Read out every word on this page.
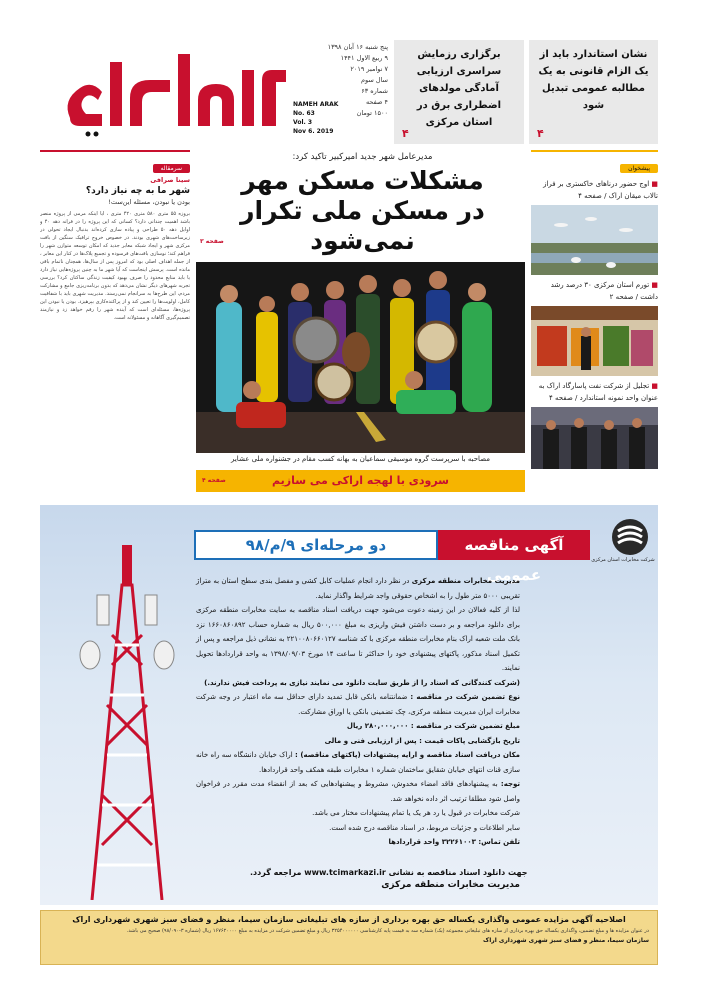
پنج شنبه ۱۶ آبان ۱۳۹۸
۹ ربیع الاول ۱۴۴۱
۷ نوامبر ۲۰۱۹
سال سوم
شماره ۶۳
۴ صفحه
۱۵۰۰ تومان
NAMEH ARAK
No. 63
Vol. 3
Nov 6. 2019
برگزاری رزمایش سراسری ارزیابی آمادگی مولدهای اضطراری برق در استان مرکزی
۴
نشان استاندارد باید از یک الزام قانونی به یک مطالبه عمومی تبدیل شود
۴
سرمقاله
سینا صرافی
شهر ما به چه نیاز دارد؟
بودن یا نبودن، مسئله این‌ست!
بروزه ۵۵ متری ۵۸۰ متری ۴۲۰ متری ، ایا اینکه مرمی از پروژه منصر باشد اهمیت چندانی دارد؟ کسانی که این پروژه را در فرانه دهه ۴۰ و اوایل دهه ۵۰ طراحی و پیاده سازی کرده‌اند بدنبال ایجاد تحولی در زیرساخت‌های شهری بودند. در خصوص خروج ترافیک سنگین از بافت مرکزی شهر و ایجاد شبکه معابر جدید که امکان توسعه متوازن شهر را فراهم کند؛ نوسازی بافت‌های فرسوده و تجمیع پلاک‌ها در کنار این معابر ، از جمله اهداف اصلی بود که امروز پس از سال‌ها، همچنان ناتمام باقی مانده است. پرسش اینجاست که آیا شهر ما به چنین پروژه‌هایی نیاز دارد یا باید منابع محدود را صرف بهبود کیفیت زندگی ساکنان کرد؟ بررسی تجربه شهرهای دیگر نشان می‌دهد که بدون برنامه‌ریزی جامع و مشارکت مردم، این طرح‌ها به سرانجام نمی‌رسند. مدیریت شهری باید با شفافیت کامل، اولویت‌ها را تعیین کند و از پراکنده‌کاری بپرهیزد. بودن یا نبودن این پروژه‌ها، مسئله‌ای است که آینده شهر را رقم خواهد زد و نیازمند تصمیم‌گیری آگاهانه و مسئولانه است.
مدیرعامل شهر جدید امیرکبیر تاکید کرد:
مشکلات مسکن مهر
در مسکن ملی تکرار نمی‌شود
صفحه ۳
مصاحبه با سرپرست گروه موسیقی سماعیان به بهانه کسب مقام در جشنواره ملی عشایر
سرودی با لهجه اراکی می سازیم
صفحه ۴
پیشخوان
■ اوج حضور درناهای خاکستری بر فراز تالاب میقان اراک / صفحه ۴
■ تورم استان مرکزی ۳۰ درصد رشد داشت / صفحه ۲
■ تجلیل از شرکت نفت پاسارگاد اراک به عنوان واحد نمونه استاندارد / صفحه ۴
شرکت مخابرات استان مرکزی
آگهی مناقصه عمومی
دو مرحله‌ای ۹/م/۹۸

مدیریت مخابرات منطقه مرکزی در نظر دارد انجام عملیات کابل کشی و مفصل بندی سطح استان به متراژ تقریبی ۵۰۰۰ متر طول را به اشخاص حقوقی واجد شرایط واگذار نماید.

لذا از کلیه فعالان در این زمینه دعوت می‌شود جهت دریافت اسناد مناقصه به سایت مخابرات منطقه مرکزی برای دانلود مراجعه و بر دست داشتن فیش واریزی به مبلغ ۵۰۰,۰۰۰ ریال به شماره حساب ۱۶۶۰۸۶۰۸۹۲ نزد بانک ملت شعبه اراک بنام مخابرات منطقه مرکزی با کد شناسه ۲۲۱۰۰۸۰۶۶۰۱۲۷ به نشانی ذیل مراجعه و پس از تکمیل اسناد مذکور، پاکتهای پیشنهادی خود را حداکثر تا ساعت ۱۴ مورخ ۱۳۹۸/۰۹/۰۳ به واحد قراردادها تحویل نمایند.

(شرکت کنندگانی که اسناد را از طریق سایت دانلود می نمایند نیازی به پرداخت فیش ندارند.)

نوع تضمین شرکت در مناقصه : ضمانتنامه بانکی قابل تمدید دارای حداقل سه ماه اعتبار در وجه شرکت مخابرات ایران مدیریت منطقه مرکزی، چک تضمینی بانکی یا اوراق مشارکت.

مبلغ تضمین شرکت در مناقصه : ۲۸۰,۰۰۰,۰۰۰ ریال

تاریخ بازگشایی پاکات قیمت : پس از ارزیابی فنی و مالی

مکان دریافت اسناد مناقصه و ارایه پیشنهادات (پاکتهای مناقصه) : اراک خیابان دانشگاه سه راه خانه سازی قنات انتهای خیابان شقایق ساختمان شماره ۱ مخابرات طبقه همکف واحد قراردادها.

توجه: به پیشنهادهای فاقد امضاء مخدوش، مشروط و پیشنهادهایی که بعد از انقضاء مدت مقرر در فراخوان واصل شود مطلقا ترتیب اثر داده نخواهد شد.

شرکت مخابرات در قبول یا رد هر یک یا تمام پیشنهادات مختار می باشد.

سایر اطلاعات و جزئیات مربوط، در اسناد مناقصه درج شده است.

تلفن تماس: ۳۲۲۶۱۰۰۳ واحد قراردادها

جهت دانلود اسناد مناقصه به نشانی www.tcimarkazi.ir مراجعه گردد.
مدیریت مخابرات منطقه مرکزی
اصلاحیه آگهی مزایده عمومی واگذاری یکساله حق بهره برداری از سازه های تبلیغاتی سازمان سیما، منظر و فضای سبز شهری شهرداری اراک
در عنوان مزایده ها و مبلغ تضمین، واگذاری یکساله حق بهره برداری از سازه های تبلیغاتی مجموعه (یک) شماره سه به قیمت پایه کارشناسی ۳۲۵۴۰۰۰۰۰۰ ریال و مبلغ تضمین شرکت در مزایده به مبلغ ۱۶۷۶۲۰۰۰۰ ریال (شماره ۳-۹۸/۰۹۰) صحیح می باشد.
سازمان سیما، منظر و فضای سبز شهری شهرداری اراک
